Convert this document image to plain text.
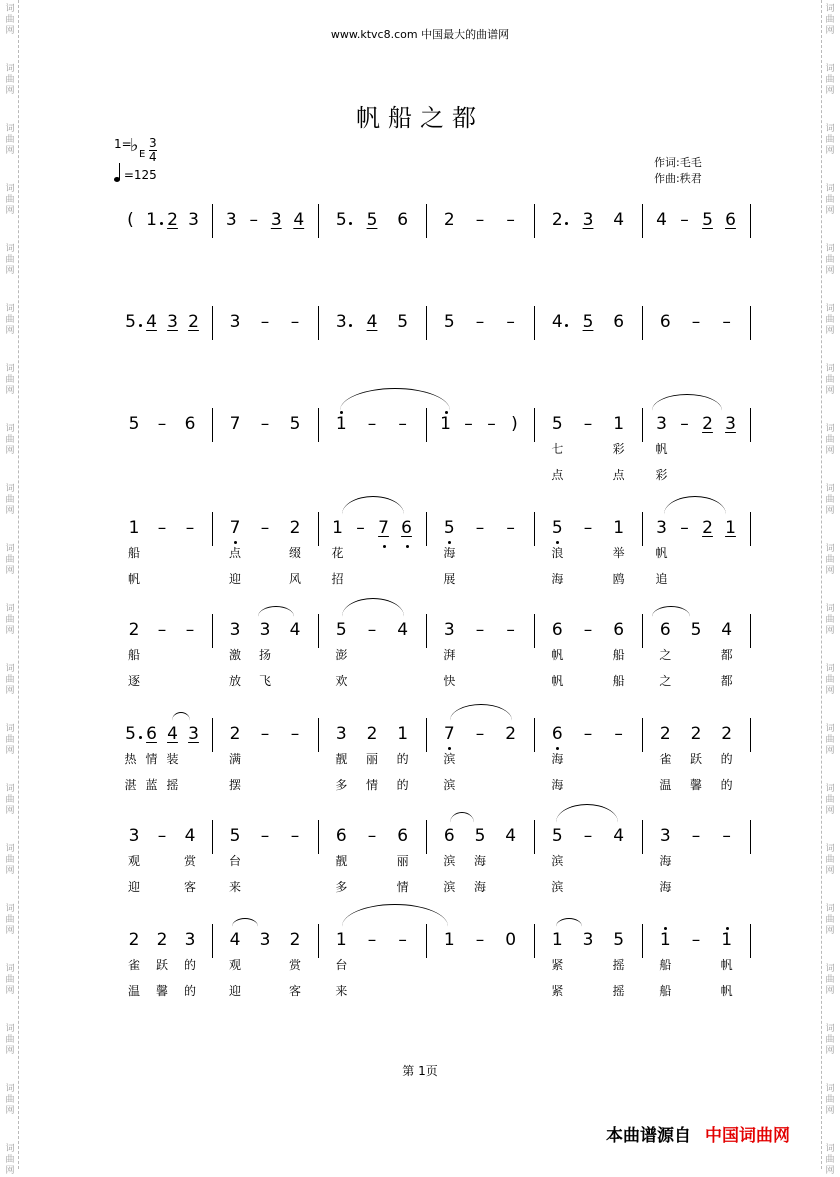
词
曲
网
词
曲
网
词
曲
网
词
曲
网
词
曲
网
词
曲
网
词
曲
网
词
曲
网
词
曲
网
词
曲
网
词
曲
网
词
曲
网
词
曲
网
词
曲
网
词
曲
网
词
曲
网
词
曲
网
词
曲
网
词
曲
网
词
曲
网
词
曲
网
词
曲
网
词
曲
网
词
曲
网
词
曲
网
词
曲
网
词
曲
网
词
曲
网
词
曲
网
词
曲
网
词
曲
网
词
曲
网
词
曲
网
词
曲
网
词
曲
网
词
曲
网
词
曲
网
词
曲
网
词
曲
网
词
曲
网
www.ktvc8.com 中国最大的曲谱网
帆船之都
1=
♭ E $\frac{3}{4}$
=125
作词:毛毛
作曲:秩君
( 1 2 3 3 – 3 4 5 5 6 2 – – 2 3 4 4 – 5 6
5 4 3 2 3 – – 3 4 5 5 – – 4 5 6 6 – –
5 – 6 7 – 5 1 – – 1 – – ) 5
七
点
– 1
彩
点
3
帆
彩
– 2 3
1
船
帆
– – 7
点
迎
– 2
缀
风
1
花
招
– 7 6 5
海
展
– – 5
浪
海
– 1
举
鸥
3
帆
追
– 2 1
2
船
逐
– – 3
激
放
3
扬
飞
4 5
澎
欢
– 4 3
湃
快
– – 6
帆
帆
– 6
船
船
6
之
之
5 4
都
都
5
热
湛
6
情
蓝
4
装
摇
3 2
满
摆
– – 3
靓
多
2
丽
情
1
的
的
7
滨
滨
– 2 6
海
海
– – 2
雀
温
2
跃
馨
2
的
的
3
观
迎
– 4
赏
客
5
台
来
– – 6
靓
多
– 6
丽
情
6
滨
滨
5
海
海
4 5
滨
滨
– 4 3
海
海
– –
2
雀
温
2
跃
馨
3
的
的
4
观
迎
3 2
赏
客
1
台
来
– – 1 – 0 1
紧
紧
3 5
摇
摇
1
船
船
– 1
帆
帆
第 1页
本曲谱源自 中国词曲网
